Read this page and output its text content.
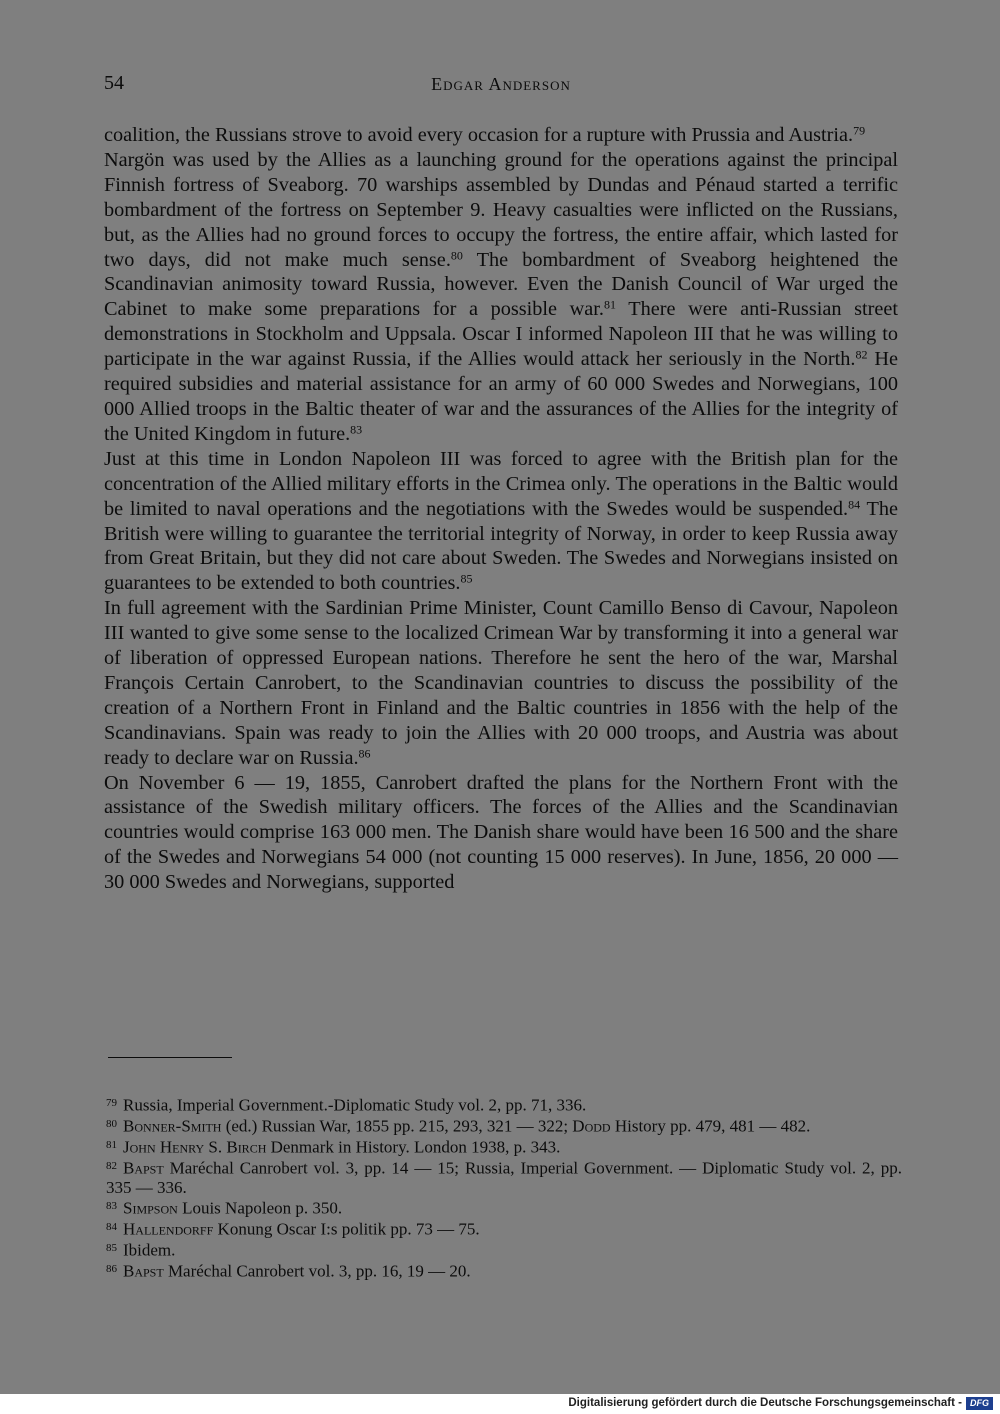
54	Edgar Anderson

coalition, the Russians strove to avoid every occasion for a rupture with Prussia and Austria.$^{79}$

Nargön was used by the Allies as a launching ground for the operations against the principal Finnish fortress of Sveaborg. 70 warships assembled by Dundas and Pénaud started a terrific bombardment of the fortress on September 9. Heavy casualties were inflicted on the Russians, but, as the Allies had no ground forces to occupy the fortress, the entire affair, which lasted for two days, did not make much sense.$^{80}$ The bombardment of Sveaborg heightened the Scandinavian animosity toward Russia, however. Even the Danish Council of War urged the Cabinet to make some preparations for a possible war.$^{81}$ There were anti-Russian street demonstrations in Stockholm and Uppsala. Oscar I informed Napoleon III that he was willing to participate in the war against Russia, if the Allies would attack her seriously in the North.$^{82}$ He required subsidies and material assistance for an army of 60 000 Swedes and Norwegians, 100 000 Allied troops in the Baltic theater of war and the assurances of the Allies for the integrity of the United Kingdom in future.$^{83}$

Just at this time in London Napoleon III was forced to agree with the British plan for the concentration of the Allied military efforts in the Crimea only. The operations in the Baltic would be limited to naval operations and the negotiations with the Swedes would be suspended.$^{84}$ The British were willing to guarantee the territorial integrity of Norway, in order to keep Russia away from Great Britain, but they did not care about Sweden. The Swedes and Norwegians insisted on guarantees to be extended to both countries.$^{85}$

In full agreement with the Sardinian Prime Minister, Count Camillo Benso di Cavour, Napoleon III wanted to give some sense to the localized Crimean War by transforming it into a general war of liberation of oppressed European nations. Therefore he sent the hero of the war, Marshal François Certain Canrobert, to the Scandinavian countries to discuss the possibility of the creation of a Northern Front in Finland and the Baltic countries in 1856 with the help of the Scandinavians. Spain was ready to join the Allies with 20 000 troops, and Austria was about ready to declare war on Russia.$^{86}$

On November 6 — 19, 1855, Canrobert drafted the plans for the Northern Front with the assistance of the Swedish military officers. The forces of the Allies and the Scandinavian countries would comprise 163 000 men. The Danish share would have been 16 500 and the share of the Swedes and Norwegians 54 000 (not counting 15 000 reserves). In June, 1856, 20 000 — 30 000 Swedes and Norwegians, supported

$^{79}$ Russia, Imperial Government.-Diplomatic Study vol. 2, pp. 71, 336.
$^{80}$ Bonner-Smith (ed.) Russian War, 1855 pp. 215, 293, 321 — 322; Dodd History pp. 479, 481 — 482.
$^{81}$ John Henry S. Birch Denmark in History. London 1938, p. 343.
$^{82}$ Bapst Maréchal Canrobert vol. 3, pp. 14 — 15; Russia, Imperial Government. — Diplomatic Study vol. 2, pp. 335 — 336.
$^{83}$ Simpson Louis Napoleon p. 350.
$^{84}$ Hallendorff Konung Oscar I:s politik pp. 73 — 75.
$^{85}$ Ibidem.
$^{86}$ Bapst Maréchal Canrobert vol. 3, pp. 16, 19 — 20.
Digitalisierung gefördert durch die Deutsche Forschungsgemeinschaft - DFG
